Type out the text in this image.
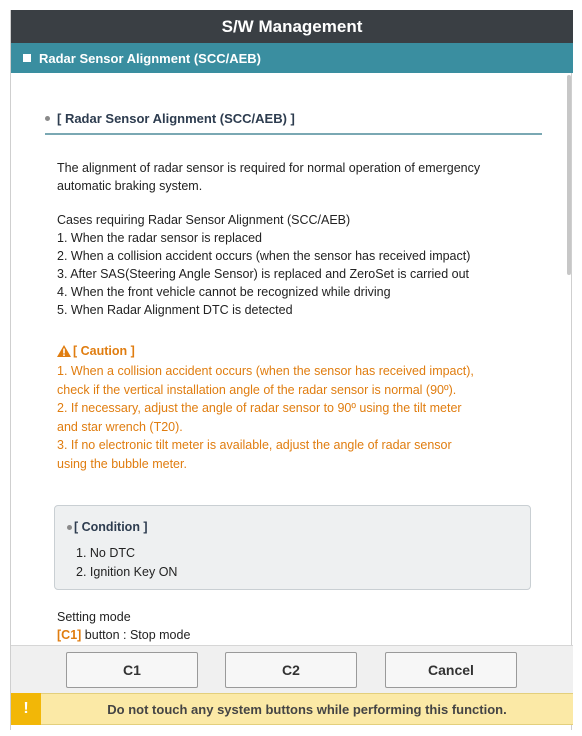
S/W Management
Radar Sensor Alignment (SCC/AEB)
[ Radar Sensor Alignment (SCC/AEB) ]
The alignment of radar sensor is required for normal operation of emergency
automatic braking system.
Cases requiring Radar Sensor Alignment (SCC/AEB)
1. When the radar sensor is replaced
2. When a collision accident occurs (when the sensor has received impact)
3. After SAS(Steering Angle Sensor) is replaced and ZeroSet is carried out
4. When the front vehicle cannot be recognized while driving
5. When Radar Alignment DTC is detected
[ Caution ]
1. When a collision accident occurs (when the sensor has received impact),
check if the vertical installation angle of the radar sensor is normal (90º).
2. If necessary, adjust the angle of radar sensor to 90º using the tilt meter
and star wrench (T20).
3. If no electronic tilt meter is available, adjust the angle of radar sensor
using the bubble meter.
[ Condition ]
1. No DTC
2. Ignition Key ON
Setting mode
[C1] button : Stop mode
C1	C2	Cancel
!	Do not touch any system buttons while performing this function.
